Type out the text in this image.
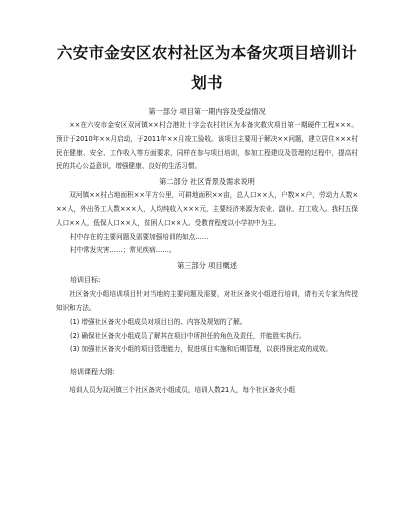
六安市金安区农村社区为本备灾项目培训计
划书

第一部分 项目第一期内容及受益情况

××在六安市金安区双河镇××村合港社十字会农村社区为本备灾救灾项目第一期硬件工程×××。预计于2010年××月启动，于2011年××月竣工验收。该项目主要用于解决××问题，建立居住×××村民在健康、安全、工作收入等方面要求，同样在参与项目培训，参加工程建设及管理的过程中，提高村民的共心公益意识，增强健康、良好的生活习惯。

第二部分 社区背景及需求说明

双河镇××村占地面积××平方公里，可耕地面积××亩，总人口××人，户数××户，劳动力人数×××人，外出务工人数×××人，人均纯收入×××元，主要经济来源为农业、副业、打工收入。我村五保人口××人，低保人口××人，贫困人口××人。受教育程度以小学初中为主。

村中存在的主要问题及需要加强培训的如点……

村中常发灾害……；常见疾病……。

第三部分 项目概述

培训目标:

社区备灾小组培训项目针对当地的主要问题及需要，对社区备灾小组进行培训，请有关专家为传授知识和方法。

(1) 增强社区备灾小组成员对项目目的、内容及规划的了解。

(2) 确保社区备灾小组成员了解其在项目中所担任的角色及责任，并能胜实执行。

(3) 加强社区备灾小组的项目管理能力，促进项目实施和后期管理，以获得预定成的成效。

培训课程大纲:

培训人员为双河镇三个社区备灾小组成员，培训人数21人，每个社区备灾小组
